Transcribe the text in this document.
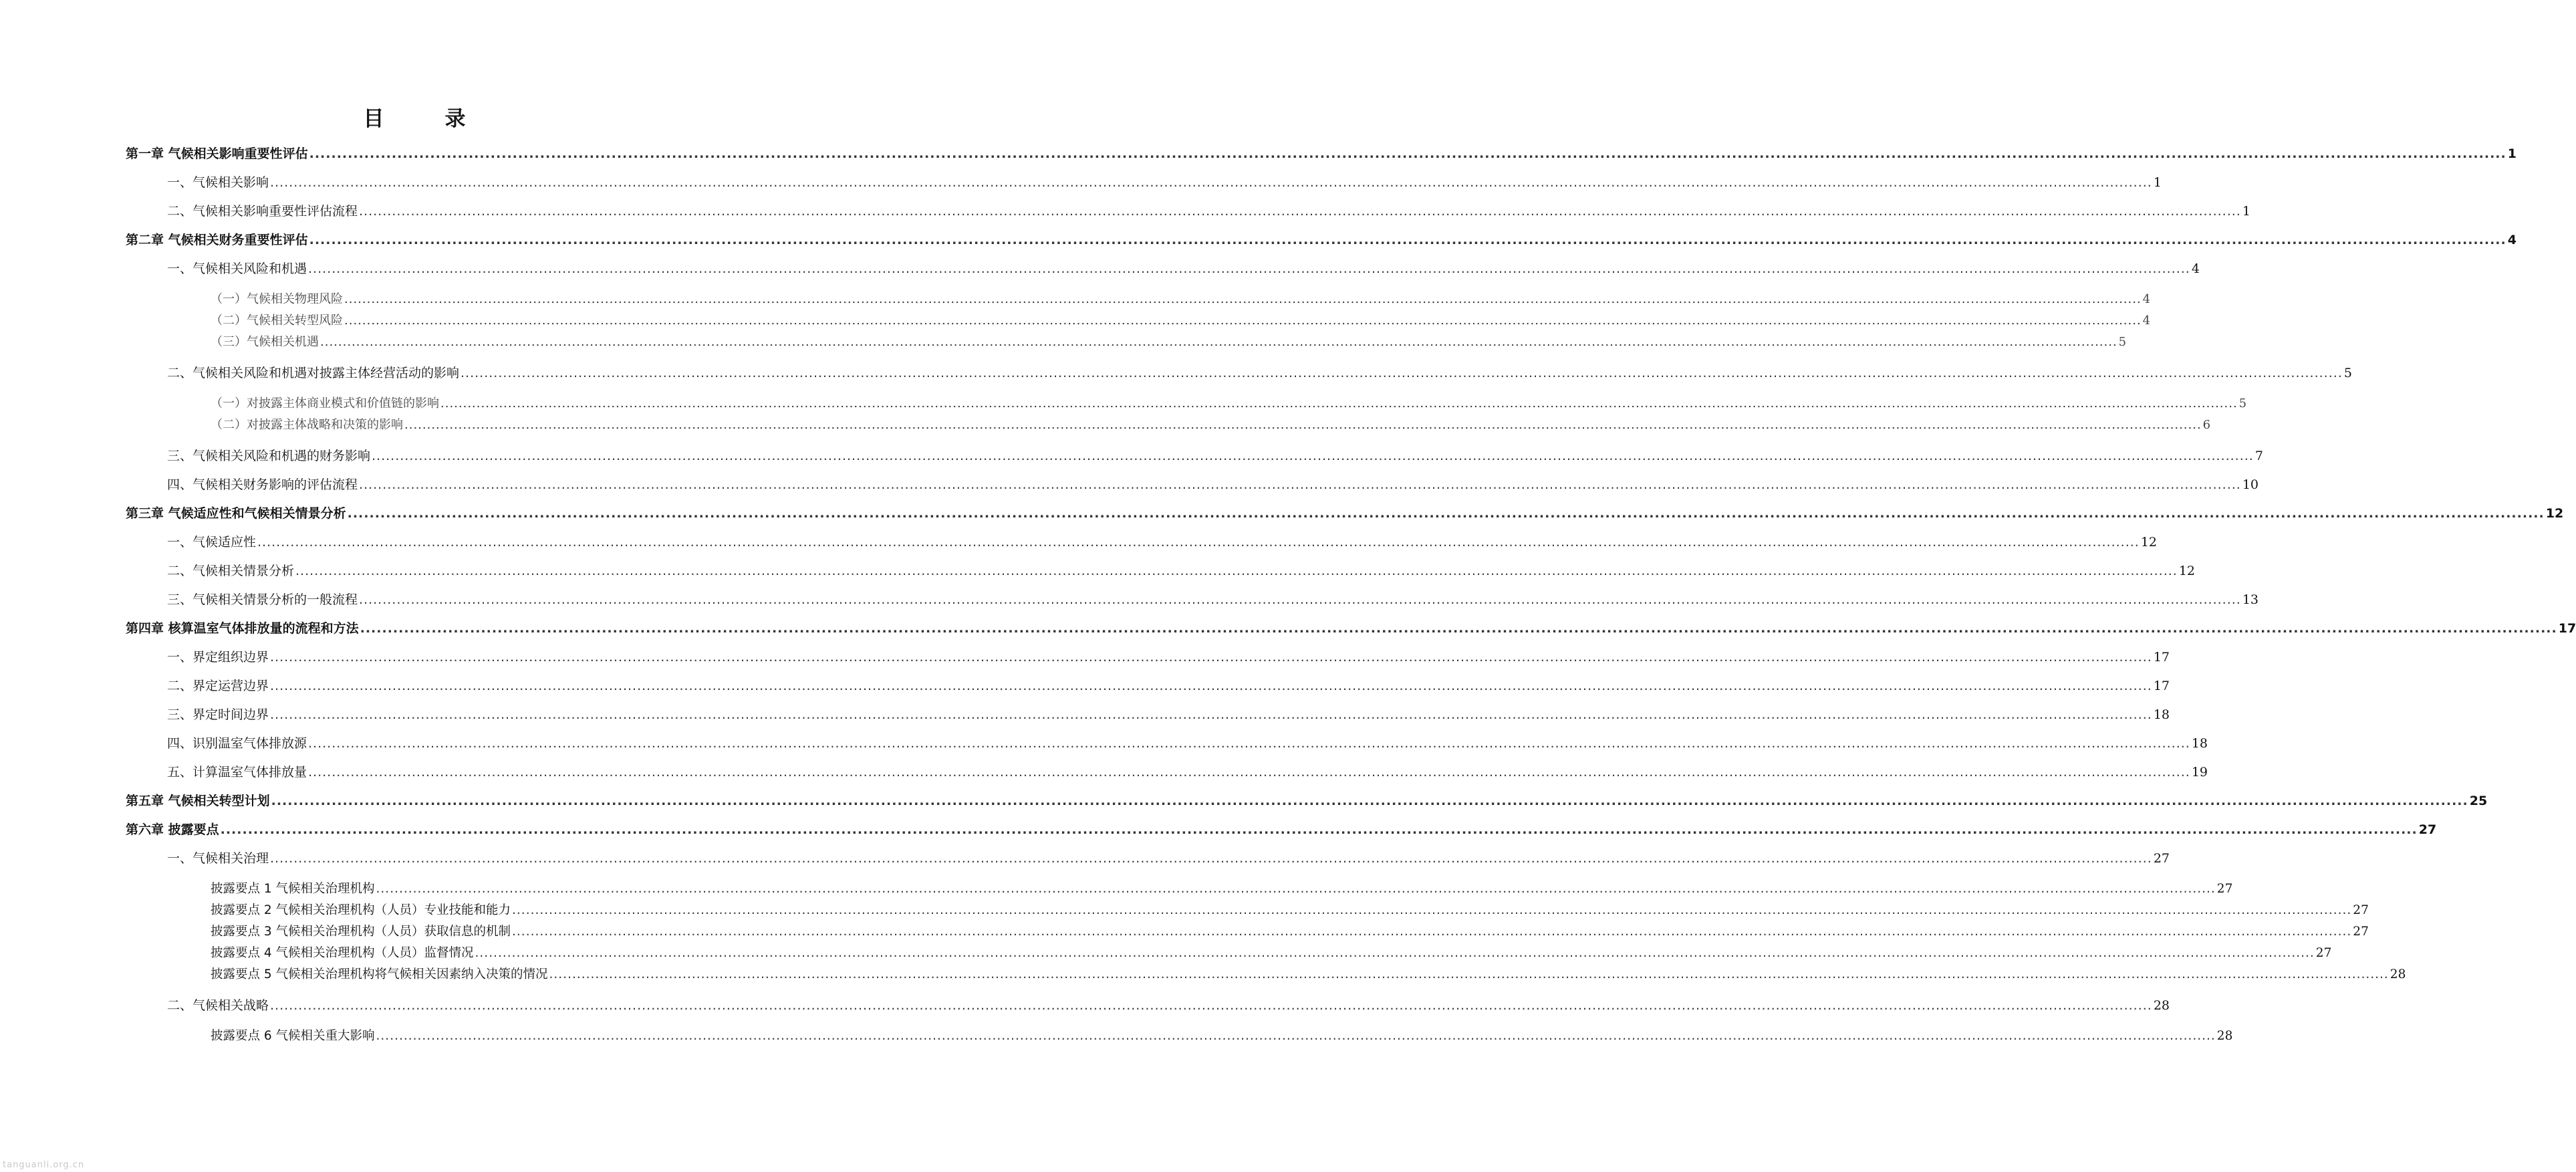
目　录
第一章 气候相关影响重要性评估 ................................................................................................................................................................................................................................................................................................................................................................................................................ 1
一、气候相关影响 ................................................................................................................................................................................................................................................................................................................................................................................................................ 1
二、气候相关影响重要性评估流程 ................................................................................................................................................................................................................................................................................................................................................................................................................ 1
第二章 气候相关财务重要性评估 ................................................................................................................................................................................................................................................................................................................................................................................................................ 4
一、气候相关风险和机遇 ................................................................................................................................................................................................................................................................................................................................................................................................................ 4
（一）气候相关物理风险 ................................................................................................................................................................................................................................................................................................................................................................................................................ 4
（二）气候相关转型风险 ................................................................................................................................................................................................................................................................................................................................................................................................................ 4
（三）气候相关机遇 ................................................................................................................................................................................................................................................................................................................................................................................................................ 5
二、气候相关风险和机遇对披露主体经营活动的影响 ................................................................................................................................................................................................................................................................................................................................................................................................................ 5
（一）对披露主体商业模式和价值链的影响 ................................................................................................................................................................................................................................................................................................................................................................................................................ 5
（二）对披露主体战略和决策的影响 ................................................................................................................................................................................................................................................................................................................................................................................................................ 6
三、气候相关风险和机遇的财务影响 ................................................................................................................................................................................................................................................................................................................................................................................................................ 7
四、气候相关财务影响的评估流程 ................................................................................................................................................................................................................................................................................................................................................................................................................ 10
第三章 气候适应性和气候相关情景分析 ................................................................................................................................................................................................................................................................................................................................................................................................................ 12
一、气候适应性 ................................................................................................................................................................................................................................................................................................................................................................................................................ 12
二、气候相关情景分析 ................................................................................................................................................................................................................................................................................................................................................................................................................ 12
三、气候相关情景分析的一般流程 ................................................................................................................................................................................................................................................................................................................................................................................................................ 13
第四章 核算温室气体排放量的流程和方法 ................................................................................................................................................................................................................................................................................................................................................................................................................ 17
一、界定组织边界 ................................................................................................................................................................................................................................................................................................................................................................................................................ 17
二、界定运营边界 ................................................................................................................................................................................................................................................................................................................................................................................................................ 17
三、界定时间边界 ................................................................................................................................................................................................................................................................................................................................................................................................................ 18
四、识别温室气体排放源 ................................................................................................................................................................................................................................................................................................................................................................................................................ 18
五、计算温室气体排放量 ................................................................................................................................................................................................................................................................................................................................................................................................................ 19
第五章 气候相关转型计划 ................................................................................................................................................................................................................................................................................................................................................................................................................ 25
第六章 披露要点 ................................................................................................................................................................................................................................................................................................................................................................................................................ 27
一、气候相关治理 ................................................................................................................................................................................................................................................................................................................................................................................................................ 27
披露要点 1 气候相关治理机构 ................................................................................................................................................................................................................................................................................................................................................................................................................ 27
披露要点 2 气候相关治理机构（人员）专业技能和能力 ................................................................................................................................................................................................................................................................................................................................................................................................................ 27
披露要点 3 气候相关治理机构（人员）获取信息的机制 ................................................................................................................................................................................................................................................................................................................................................................................................................ 27
披露要点 4 气候相关治理机构（人员）监督情况 ................................................................................................................................................................................................................................................................................................................................................................................................................ 27
披露要点 5 气候相关治理机构将气候相关因素纳入决策的情况 ................................................................................................................................................................................................................................................................................................................................................................................................................ 28
二、气候相关战略 ................................................................................................................................................................................................................................................................................................................................................................................................................ 28
披露要点 6 气候相关重大影响 ................................................................................................................................................................................................................................................................................................................................................................................................................ 28
tanguanli.org.cn
